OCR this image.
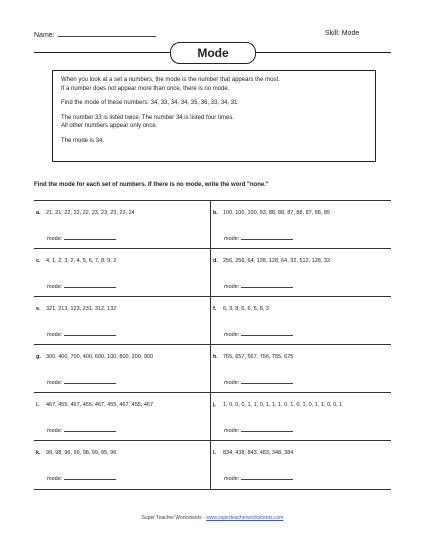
Name:	Skill: Mode
Mode

When you look at a set a numbers, the mode is the number that appears the most.

If a number does not appear more than once, there is no mode.

Find the mode of these numbers: 34, 33, 34, 34, 35, 36, 33, 34, 31

The number 33 is listed twice. The number 34 is listed four times.

All other numbers appear only once.

The mode is 34.

Find the mode for each set of numbers. If there is no mode, write the word "none."
a. 21, 21, 22, 22, 22, 23, 23, 23, 23, 24
mode:
b. 100, 100, 100, 93, 88, 88, 87, 88, 87, 88, 85
mode:
c. 4, 1, 2, 3, 2, 4, 5, 6, 7, 8, 9, 2
mode:
d. 256, 256, 64, 128, 128, 64, 32, 512, 128, 32
mode:
e. 321, 213, 123, 231, 312, 132
mode:
f. 6, 3, 8, 6, 6, 5, 8, 3
mode:
g. 300, 400, 700, 400, 600, 100, 800, 200, 900
mode:
h. 765, 657, 567, 756, 755, 675
mode:
i. 467, 455, 467, 455, 467, 455, 467, 455, 467
mode:
j. 1, 0, 0, 0, 1, 1, 0, 1, 1, 1, 0, 1, 0, 1, 0, 1, 1, 0, 0, 1
mode:
k. 99, 98, 96, 99, 98, 99, 95, 96
mode:
l. 834, 438, 843, 483, 348, 384
mode:
Super Teacher Worksheets - www.superteacherworksheets.com
